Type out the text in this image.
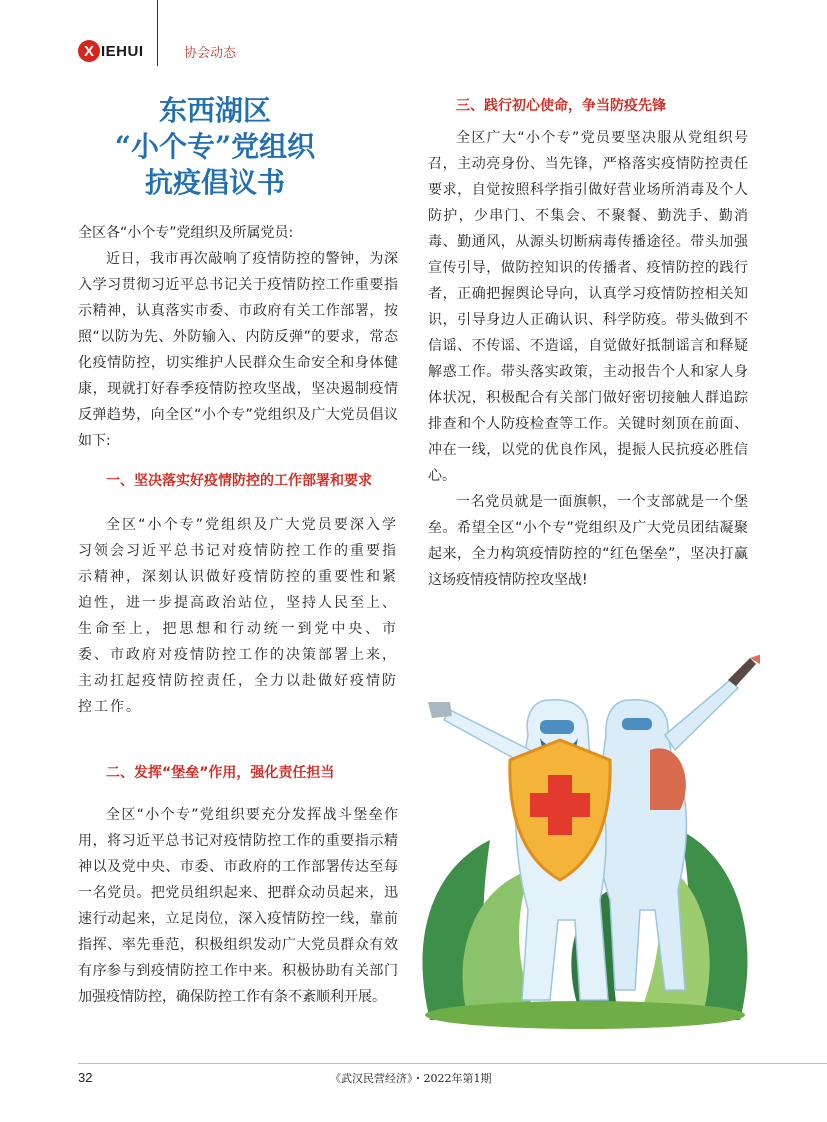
X IEHUI	协会动态
东西湖区
“小个专”党组织
抗疫倡议书

全区各“小个专”党组织及所属党员:

近日，我市再次敲响了疫情防控的警钟，为深入学习贯彻习近平总书记关于疫情防控工作重要指示精神，认真落实市委、市政府有关工作部署，按照“以防为先、外防输入、内防反弹”的要求，常态化疫情防控，切实维护人民群众生命安全和身体健康，现就打好春季疫情防控攻坚战，坚决遏制疫情反弹趋势，向全区“小个专”党组织及广大党员倡议如下:

一、坚决落实好疫情防控的工作部署和要求

全区“小个专”党组织及广大党员要深入学习领会习近平总书记对疫情防控工作的重要指示精神，深刻认识做好疫情防控的重要性和紧迫性，进一步提高政治站位，坚持人民至上、生命至上，把思想和行动统一到党中央、市委、市政府对疫情防控工作的决策部署上来，主动扛起疫情防控责任，全力以赴做好疫情防控工作。

二、发挥“堡垒”作用，强化责任担当

全区“小个专”党组织要充分发挥战斗堡垒作用，将习近平总书记对疫情防控工作的重要指示精神以及党中央、市委、市政府的工作部署传达至每一名党员。把党员组织起来、把群众动员起来，迅速行动起来，立足岗位，深入疫情防控一线，靠前指挥、率先垂范，积极组织发动广大党员群众有效有序参与到疫情防控工作中来。积极协助有关部门加强疫情防控，确保防控工作有条不紊顺利开展。

三、践行初心使命，争当防疫先锋

全区广大“小个专”党员要坚决服从党组织号召，主动亮身份、当先锋，严格落实疫情防控责任要求，自觉按照科学指引做好营业场所消毒及个人防护，少串门、不集会、不聚餐、勤洗手、勤消毒、勤通风，从源头切断病毒传播途径。带头加强宣传引导，做防控知识的传播者、疫情防控的践行者，正确把握舆论导向，认真学习疫情防控相关知识，引导身边人正确认识、科学防疫。带头做到不信谣、不传谣、不造谣，自觉做好抵制谣言和释疑解惑工作。带头落实政策，主动报告个人和家人身体状况，积极配合有关部门做好密切接触人群追踪排查和个人防疫检查等工作。关键时刻顶在前面、冲在一线，以党的优良作风，提振人民抗疫必胜信心。

一名党员就是一面旗帜，一个支部就是一个堡垒。希望全区“小个专”党组织及广大党员团结凝聚起来，全力构筑疫情防控的“红色堡垒”，坚决打赢这场疫情疫情防控攻坚战!

32	《武汉民营经济》・2022年第1期
